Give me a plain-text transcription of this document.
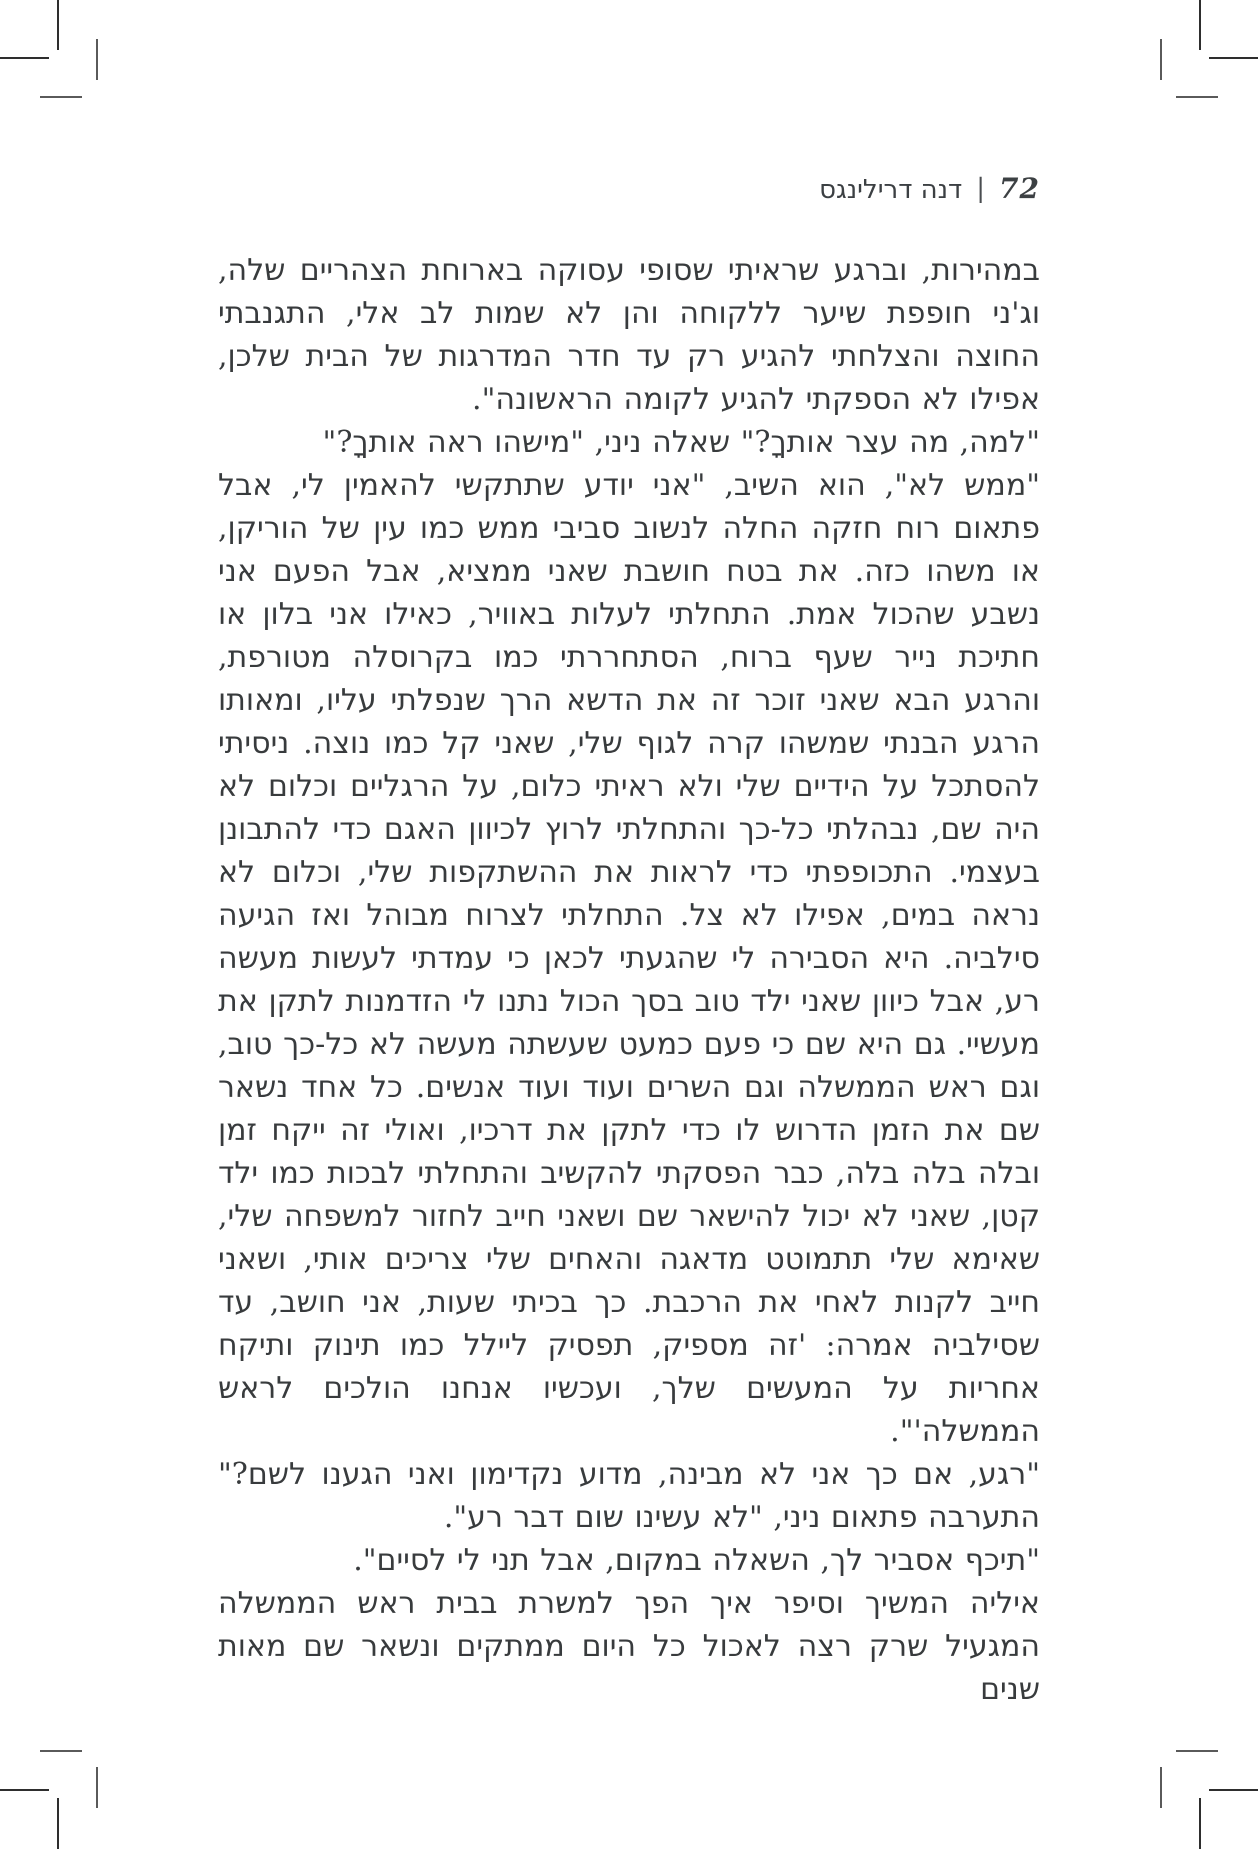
72
|
דנה דרילינגס

במהירות, וברגע שראיתי שסופי עסוקה בארוחת הצהריים שלה, וג'ני חופפת שיער ללקוחה והן לא שמות לב אלי, התגנבתי החוצה והצלחתי להגיע רק עד חדר המדרגות של הבית שלכן, אפילו לא הספקתי להגיע לקומה הראשונה".

"למה, מה עצר אותךָ?" שאלה ניני, "מישהו ראה אותךָ?"

"ממש לא", הוא השיב, "אני יודע שתתקשי להאמין לי, אבל פתאום רוח חזקה החלה לנשוב סביבי ממש כמו עין של הוריקן, או משהו כזה. את בטח חושבת שאני ממציא, אבל הפעם אני נשבע שהכול אמת. התחלתי לעלות באוויר, כאילו אני בלון או חתיכת נייר שעף ברוח, הסתחררתי כמו בקרוסלה מטורפת, והרגע הבא שאני זוכר זה את הדשא הרך שנפלתי עליו, ומאותו הרגע הבנתי שמשהו קרה לגוף שלי, שאני קל כמו נוצה. ניסיתי להסתכל על הידיים שלי ולא ראיתי כלום, על הרגליים וכלום לא היה שם, נבהלתי כל-כך והתחלתי לרוץ לכיוון האגם כדי להתבונן בעצמי. התכופפתי כדי לראות את ההשתקפות שלי, וכלום לא נראה במים, אפילו לא צל. התחלתי לצרוח מבוהל ואז הגיעה סילביה. היא הסבירה לי שהגעתי לכאן כי עמדתי לעשות מעשה רע, אבל כיוון שאני ילד טוב בסך הכול נתנו לי הזדמנות לתקן את מעשיי. גם היא שם כי פעם כמעט שעשתה מעשה לא כל-כך טוב, וגם ראש הממשלה וגם השרים ועוד ועוד אנשים. כל אחד נשאר שם את הזמן הדרוש לו כדי לתקן את דרכיו, ואולי זה ייקח זמן ובלה בלה בלה, כבר הפסקתי להקשיב והתחלתי לבכות כמו ילד קטן, שאני לא יכול להישאר שם ושאני חייב לחזור למשפחה שלי, שאימא שלי תתמוטט מדאגה והאחים שלי צריכים אותי, ושאני חייב לקנות לאחי את הרכבת. כך בכיתי שעות, אני חושב, עד שסילביה אמרה: 'זה מספיק, תפסיק ליילל כמו תינוק ותיקח אחריות על המעשים שלך, ועכשיו אנחנו הולכים לראש הממשלה'".

"רגע, אם כך אני לא מבינה, מדוע נקדימון ואני הגענו לשם?" התערבה פתאום ניני, "לא עשינו שום דבר רע".

"תיכף אסביר לך, השאלה במקום, אבל תני לי לסיים".

איליה המשיך וסיפר איך הפך למשרת בבית ראש הממשלה המגעיל שרק רצה לאכול כל היום ממתקים ונשאר שם מאות שנים
